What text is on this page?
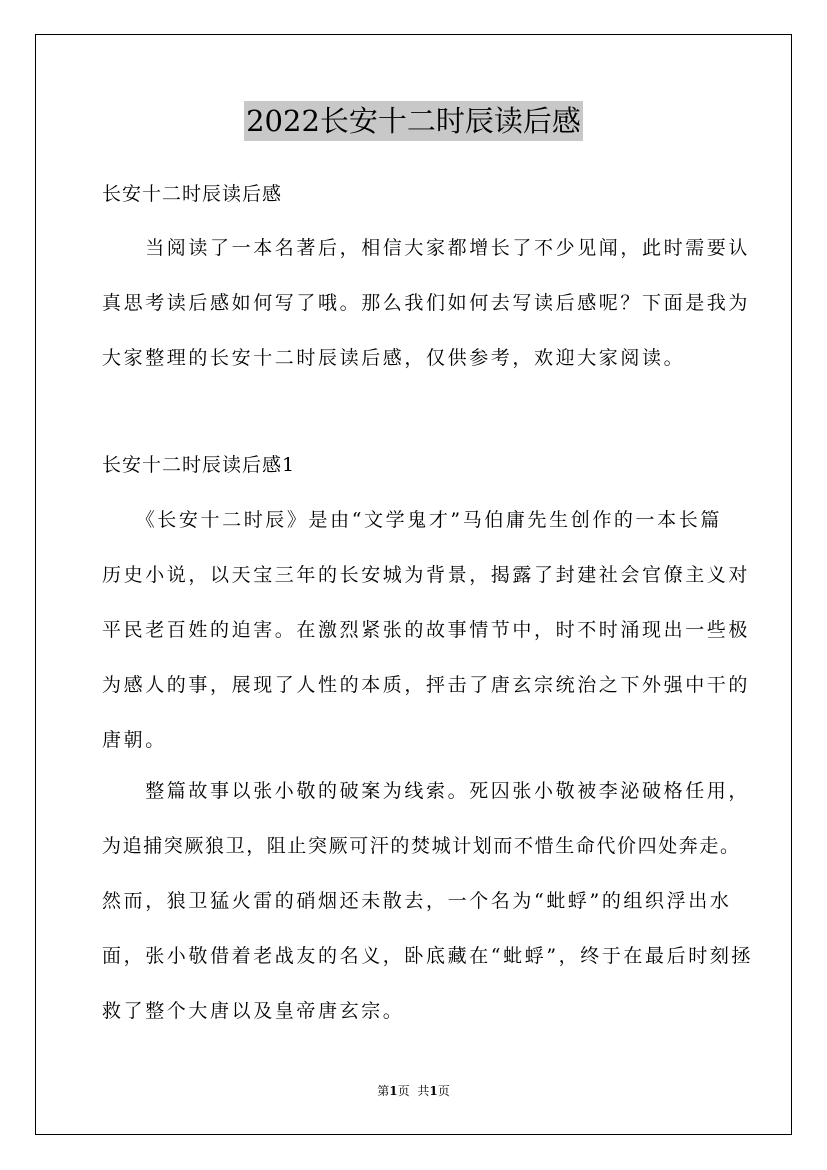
2022长安十二时辰读后感
长安十二时辰读后感
　　当阅读了一本名著后，相信大家都增长了不少见闻，此时需要认
真思考读后感如何写了哦。那么我们如何去写读后感呢？下面是我为
大家整理的长安十二时辰读后感，仅供参考，欢迎大家阅读。
长安十二时辰读后感1
　　《长安十二时辰》是由“文学鬼才”马伯庸先生创作的一本长篇
历史小说，以天宝三年的长安城为背景，揭露了封建社会官僚主义对
平民老百姓的迫害。在激烈紧张的故事情节中，时不时涌现出一些极
为感人的事，展现了人性的本质，抨击了唐玄宗统治之下外强中干的
唐朝。
　　整篇故事以张小敬的破案为线索。死囚张小敬被李泌破格任用，
为追捕突厥狼卫，阻止突厥可汗的焚城计划而不惜生命代价四处奔走。
然而，狼卫猛火雷的硝烟还未散去，一个名为“蚍蜉”的组织浮出水
面，张小敬借着老战友的名义，卧底藏在“蚍蜉”，终于在最后时刻拯
救了整个大唐以及皇帝唐玄宗。
第1页 共1页
